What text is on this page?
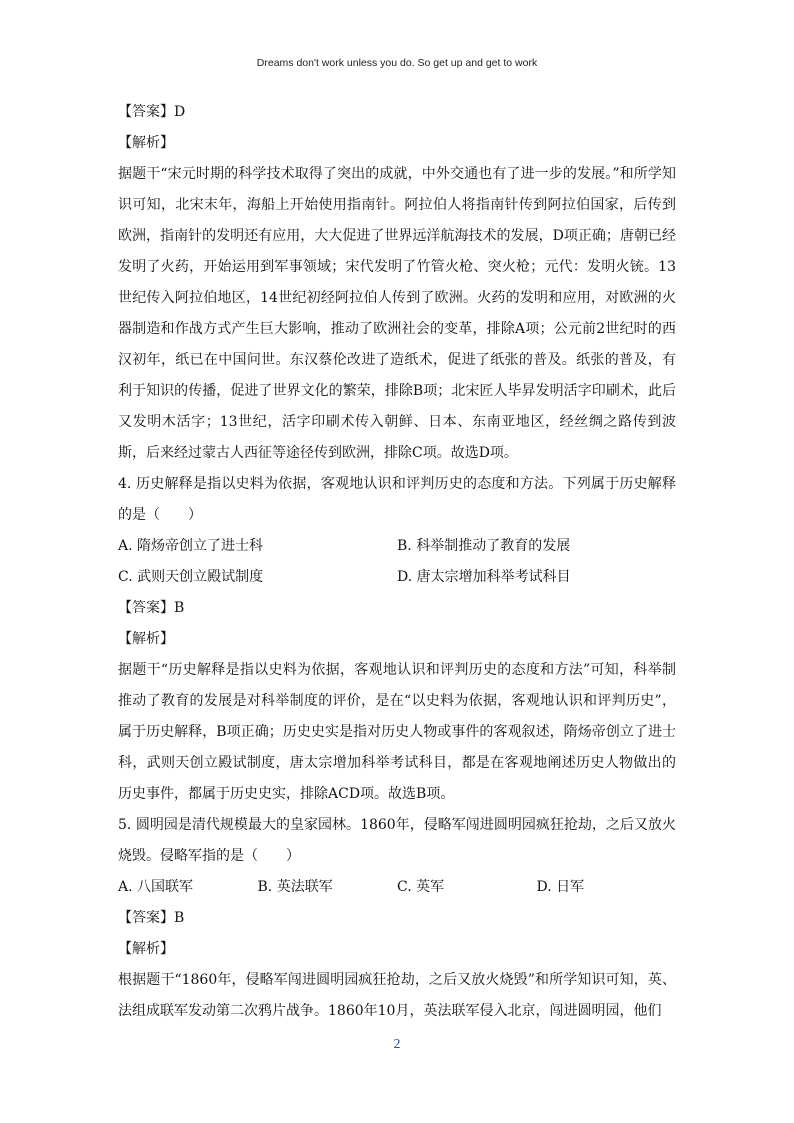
Dreams don't work unless you do. So get up and get to work
【答案】D
【解析】
据题干“宋元时期的科学技术取得了突出的成就，中外交通也有了进一步的发展。”和所学知识可知，北宋末年，海船上开始使用指南针。阿拉伯人将指南针传到阿拉伯国家，后传到欧洲，指南针的发明还有应用，大大促进了世界远洋航海技术的发展，D项正确；唐朝已经发明了火药，开始运用到军事领域；宋代发明了竹管火枪、突火枪；元代：发明火铳。13世纪传入阿拉伯地区，14世纪初经阿拉伯人传到了欧洲。火药的发明和应用，对欧洲的火器制造和作战方式产生巨大影响，推动了欧洲社会的变革，排除A项；公元前2世纪时的西汉初年，纸已在中国问世。东汉蔡伦改进了造纸术，促进了纸张的普及。纸张的普及，有利于知识的传播，促进了世界文化的繁荣，排除B项；北宋匠人毕昇发明活字印刷术，此后又发明木活字；13世纪，活字印刷术传入朝鲜、日本、东南亚地区，经丝绸之路传到波斯，后来经过蒙古人西征等途径传到欧洲，排除C项。故选D项。
4. 历史解释是指以史料为依据，客观地认识和评判历史的态度和方法。下列属于历史解释的是（　　）
A. 隋炀帝创立了进士科	B. 科举制推动了教育的发展
C. 武则天创立殿试制度	D. 唐太宗增加科举考试科目
【答案】B
【解析】
据题干“历史解释是指以史料为依据，客观地认识和评判历史的态度和方法”可知，科举制推动了教育的发展是对科举制度的评价，是在“以史料为依据，客观地认识和评判历史”，属于历史解释，B项正确；历史史实是指对历史人物或事件的客观叙述，隋炀帝创立了进士科，武则天创立殿试制度，唐太宗增加科举考试科目，都是在客观地阐述历史人物做出的历史事件，都属于历史史实，排除ACD项。故选B项。
5. 圆明园是清代规模最大的皇家园林。1860年，侵略军闯进圆明园疯狂抢劫，之后又放火烧毁。侵略军指的是（　　）
A. 八国联军	B. 英法联军	C. 英军	D. 日军
【答案】B
【解析】
根据题干“1860年，侵略军闯进圆明园疯狂抢劫，之后又放火烧毁”和所学知识可知，英、法组成联军发动第二次鸦片战争。1860年10月，英法联军侵入北京，闯进圆明园，他们
2
